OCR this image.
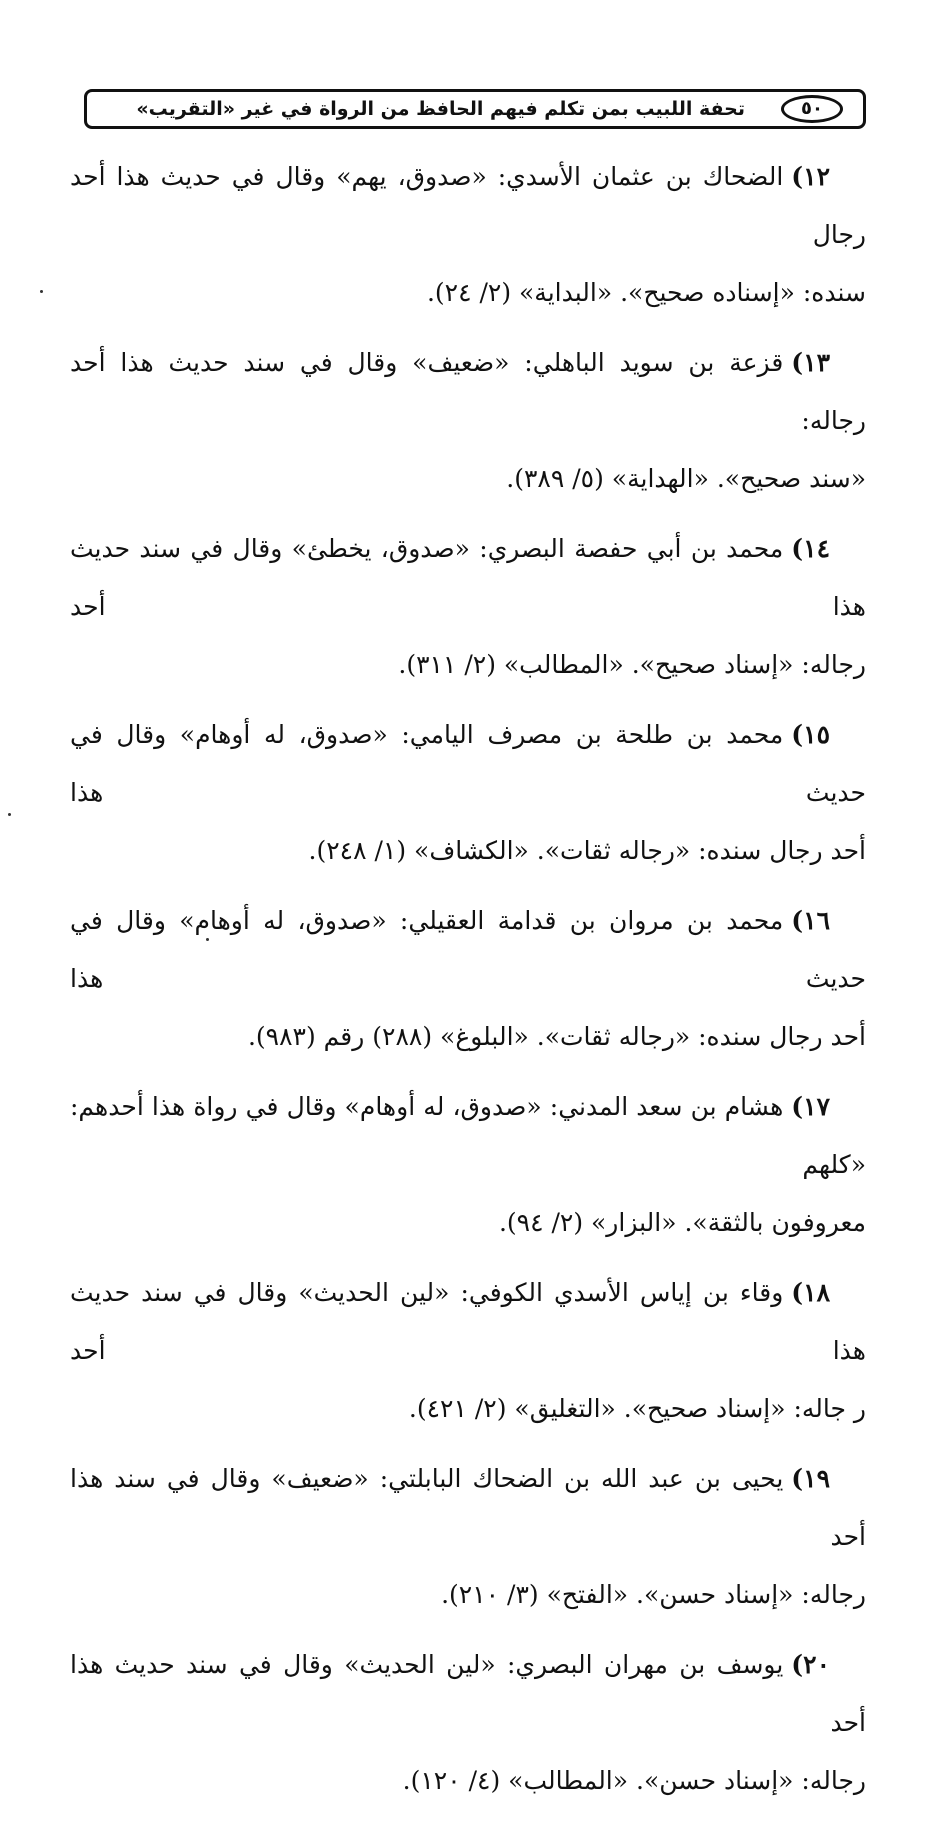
٥٠
تحفة اللبيب بمن تكلم فيهم الحافظ من الرواة في غير «التقريب»
١٢)الضحاك بن عثمان الأسدي: «صدوق، يهم» وقال في حديث هذا أحد رجال
سنده: «إسناده صحيح». «البداية» (٢/ ٢٤).
١٣)قزعة بن سويد الباهلي: «ضعيف» وقال في سند حديث هذا أحد رجاله:
«سند صحيح». «الهداية» (٥/ ٣٨٩).
١٤)محمد بن أبي حفصة البصري: «صدوق، يخطئ» وقال في سند حديث هذا أحد
رجاله: «إسناد صحيح». «المطالب» (٢/ ٣١١).
١٥)محمد بن طلحة بن مصرف اليامي: «صدوق، له أوهام» وقال في حديث هذا
أحد رجال سنده: «رجاله ثقات». «الكشاف» (١/ ٢٤٨).
١٦)محمد بن مروان بن قدامة العقيلي: «صدوق، له أوهام» وقال في حديث هذا
أحد رجال سنده: «رجاله ثقات». «البلوغ» (٢٨٨) رقم (٩٨٣).
١٧)هشام بن سعد المدني: «صدوق، له أوهام» وقال في رواة هذا أحدهم: «كلهم
معروفون بالثقة». «البزار» (٢/ ٩٤).
١٨)وقاء بن إياس الأسدي الكوفي: «لين الحديث» وقال في سند حديث هذا أحد
ر جاله: «إسناد صحيح». «التغليق» (٢/ ٤٢١).
١٩)يحيى بن عبد الله بن الضحاك البابلتي: «ضعيف» وقال في سند هذا أحد
رجاله: «إسناد حسن». «الفتح» (٣/ ٢١٠).
٢٠)يوسف بن مهران البصري: «لين الحديث» وقال في سند حديث هذا أحد
رجاله: «إسناد حسن». «المطالب» (٤/ ١٢٠).
